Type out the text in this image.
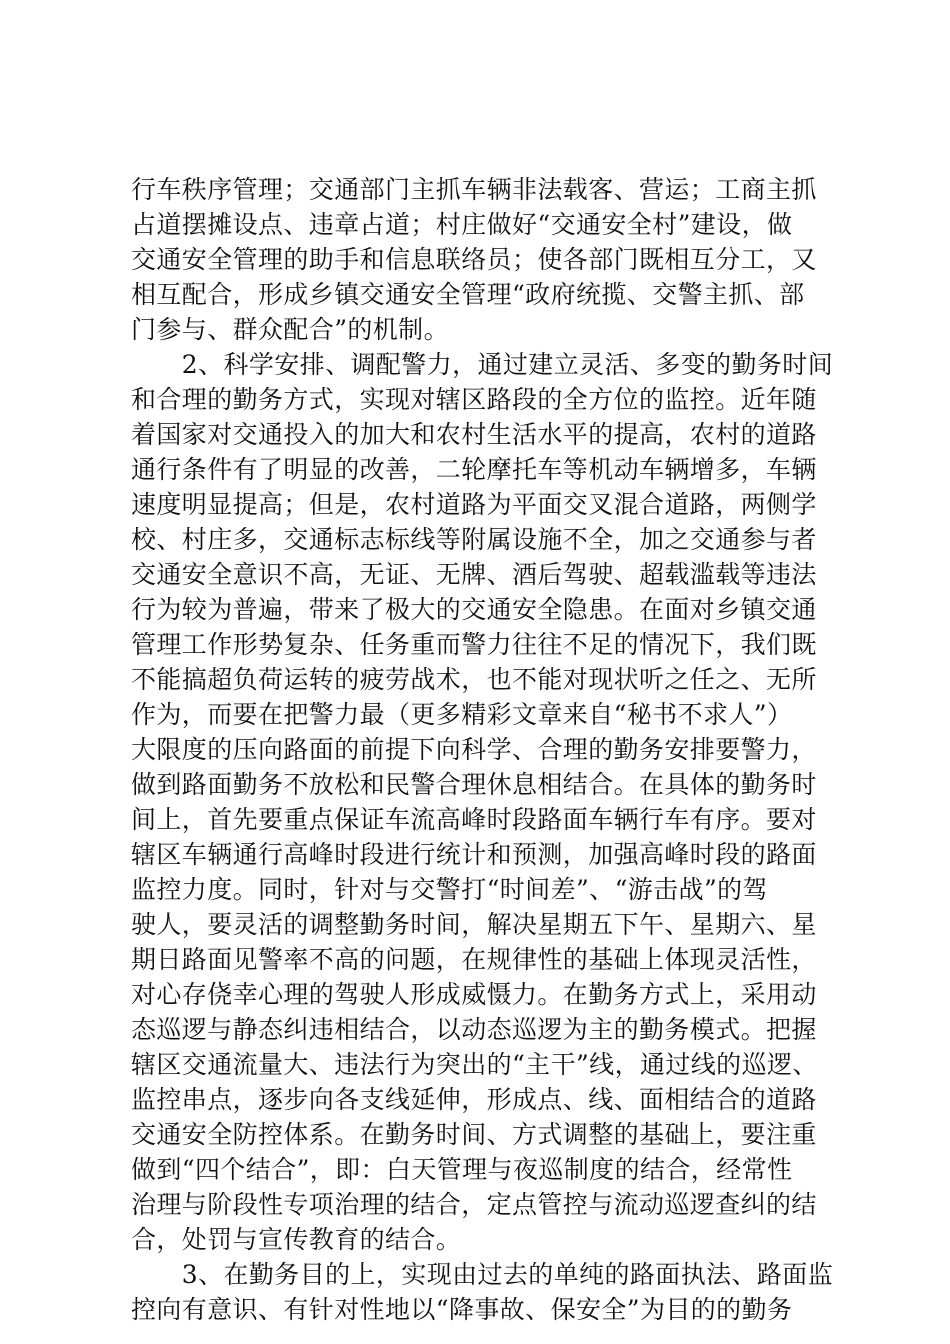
行车秩序管理；交通部门主抓车辆非法载客、营运；工商主抓
占道摆摊设点、违章占道；村庄做好“交通安全村”建设，做
交通安全管理的助手和信息联络员；使各部门既相互分工，又
相互配合，形成乡镇交通安全管理“政府统揽、交警主抓、部
门参与、群众配合”的机制。
　　2、科学安排、调配警力，通过建立灵活、多变的勤务时间
和合理的勤务方式，实现对辖区路段的全方位的监控。近年随
着国家对交通投入的加大和农村生活水平的提高，农村的道路
通行条件有了明显的改善，二轮摩托车等机动车辆增多，车辆
速度明显提高；但是，农村道路为平面交叉混合道路，两侧学
校、村庄多，交通标志标线等附属设施不全，加之交通参与者
交通安全意识不高，无证、无牌、酒后驾驶、超载滥载等违法
行为较为普遍，带来了极大的交通安全隐患。在面对乡镇交通
管理工作形势复杂、任务重而警力往往不足的情况下，我们既
不能搞超负荷运转的疲劳战术，也不能对现状听之任之、无所
作为，而要在把警力最（更多精彩文章来自“秘书不求人”）
大限度的压向路面的前提下向科学、合理的勤务安排要警力，
做到路面勤务不放松和民警合理休息相结合。在具体的勤务时
间上，首先要重点保证车流高峰时段路面车辆行车有序。要对
辖区车辆通行高峰时段进行统计和预测，加强高峰时段的路面
监控力度。同时，针对与交警打“时间差”、“游击战”的驾
驶人，要灵活的调整勤务时间，解决星期五下午、星期六、星
期日路面见警率不高的问题，在规律性的基础上体现灵活性，
对心存侥幸心理的驾驶人形成威慑力。在勤务方式上，采用动
态巡逻与静态纠违相结合，以动态巡逻为主的勤务模式。把握
辖区交通流量大、违法行为突出的“主干”线，通过线的巡逻、
监控串点，逐步向各支线延伸，形成点、线、面相结合的道路
交通安全防控体系。在勤务时间、方式调整的基础上，要注重
做到“四个结合”，即：白天管理与夜巡制度的结合，经常性
治理与阶段性专项治理的结合，定点管控与流动巡逻查纠的结
合，处罚与宣传教育的结合。
　　3、在勤务目的上，实现由过去的单纯的路面执法、路面监
控向有意识、有针对性地以“降事故、保安全”为目的的勤务
